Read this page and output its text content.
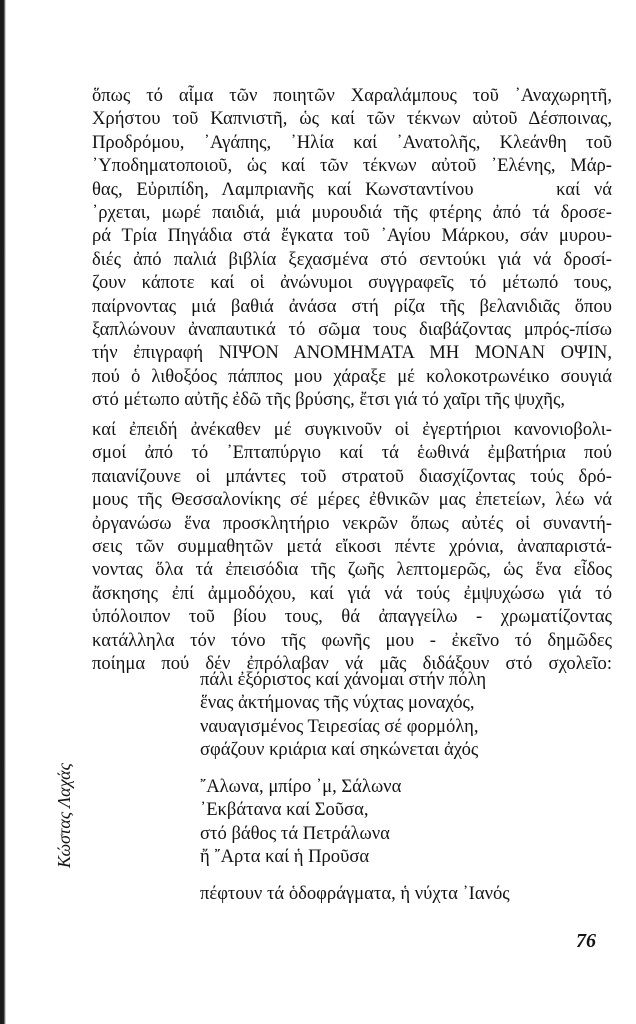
ὅπως τό αἷμα τῶν ποιητῶν Χαραλάμπους τοῦ ᾿Αναχωρητῆ,
Χρήστου τοῦ Καπνιστῆ, ὡς καί τῶν τέκνων αὐτοῦ Δέσποινας,
Προδρόμου, ᾿Αγάπης, ᾿Ηλία καί ᾿Ανατολῆς, Κλεάνθη τοῦ
᾿Υποδηματοποιοῦ, ὡς καί τῶν τέκνων αὐτοῦ ᾿Ελένης, Μάρ-
θας, Εὐριπίδη, Λαμπριανῆς καί Κωνσταντίνου      καί νά
᾿ρχεται, μωρέ παιδιά, μιά μυρουδιά τῆς φτέρης ἀπό τά δροσε-
ρά Τρία Πηγάδια στά ἔγκατα τοῦ ᾿Αγίου Μάρκου, σάν μυρου-
διές ἀπό παλιά βιβλία ξεχασμένα στό σεντούκι γιά νά δροσί-
ζουν κάποτε καί οἱ ἀνώνυμοι συγγραφεῖς τό μέτωπό τους,
παίρνοντας μιά βαθιά ἀνάσα στή ρίζα τῆς βελανιδιᾶς ὅπου
ξαπλώνουν ἀναπαυτικά τό σῶμα τους διαβάζοντας μπρός-πίσω
τήν ἐπιγραφή ΝΙΨΟΝ ΑΝΟΜΗΜΑΤΑ ΜΗ ΜΟΝΑΝ ΟΨΙΝ,
πού ὁ λιθοξόος πάππος μου χάραξε μέ κολοκοτρωνέικο σουγιά
στό μέτωπο αὐτῆς ἐδῶ τῆς βρύσης, ἔτσι γιά τό χαῖρι τῆς ψυχῆς,
καί ἐπειδή ἀνέκαθεν μέ συγκινοῦν οἱ ἐγερτήριοι κανονιοβολι-
σμοί ἀπό τό ᾿Επταπύργιο καί τά ἑωθινά ἐμβατήρια πού
παιανίζουνε οἱ μπάντες τοῦ στρατοῦ διασχίζοντας τούς δρό-
μους τῆς Θεσσαλονίκης σέ μέρες ἐθνικῶν μας ἐπετείων, λέω νά
ὀργανώσω ἕνα προσκλητήριο νεκρῶν ὅπως αὐτές οἱ συναντή-
σεις τῶν συμμαθητῶν μετά εἴκοσι πέντε χρόνια, ἀναπαριστά-
νοντας ὅλα τά ἐπεισόδια τῆς ζωῆς λεπτομερῶς, ὡς ἕνα εἶδος
ἄσκησης ἐπί ἀμμοδόχου, καί γιά νά τούς ἐμψυχώσω γιά τό
ὑπόλοιπον τοῦ βίου τους, θά ἀπαγγείλω - χρωματίζοντας
κατάλληλα τόν τόνο τῆς φωνῆς μου - ἐκεῖνο τό δημῶδες
ποίημα πού δέν ἐπρόλαβαν νά μᾶς διδάξουν στό σχολεῖο:
πάλι ἐξόριστος καί χάνομαι στήν πόλη
ἕνας ἀκτήμονας τῆς νύχτας μοναχός,
ναυαγισμένος Τειρεσίας σέ φορμόλη,
σφάζουν κριάρια καί σηκώνεται ἀχός
῎Αλωνα, μπίρο ᾿μ, Σάλωνα
᾿Εκβάτανα καί Σοῦσα,
στό βάθος τά Πετράλωνα
ἤ ῎Αρτα καί ἡ Προῦσα
πέφτουν τά ὁδοφράγματα, ἡ νύχτα ᾿Ιανός
Κώστας Λαχάς
76
